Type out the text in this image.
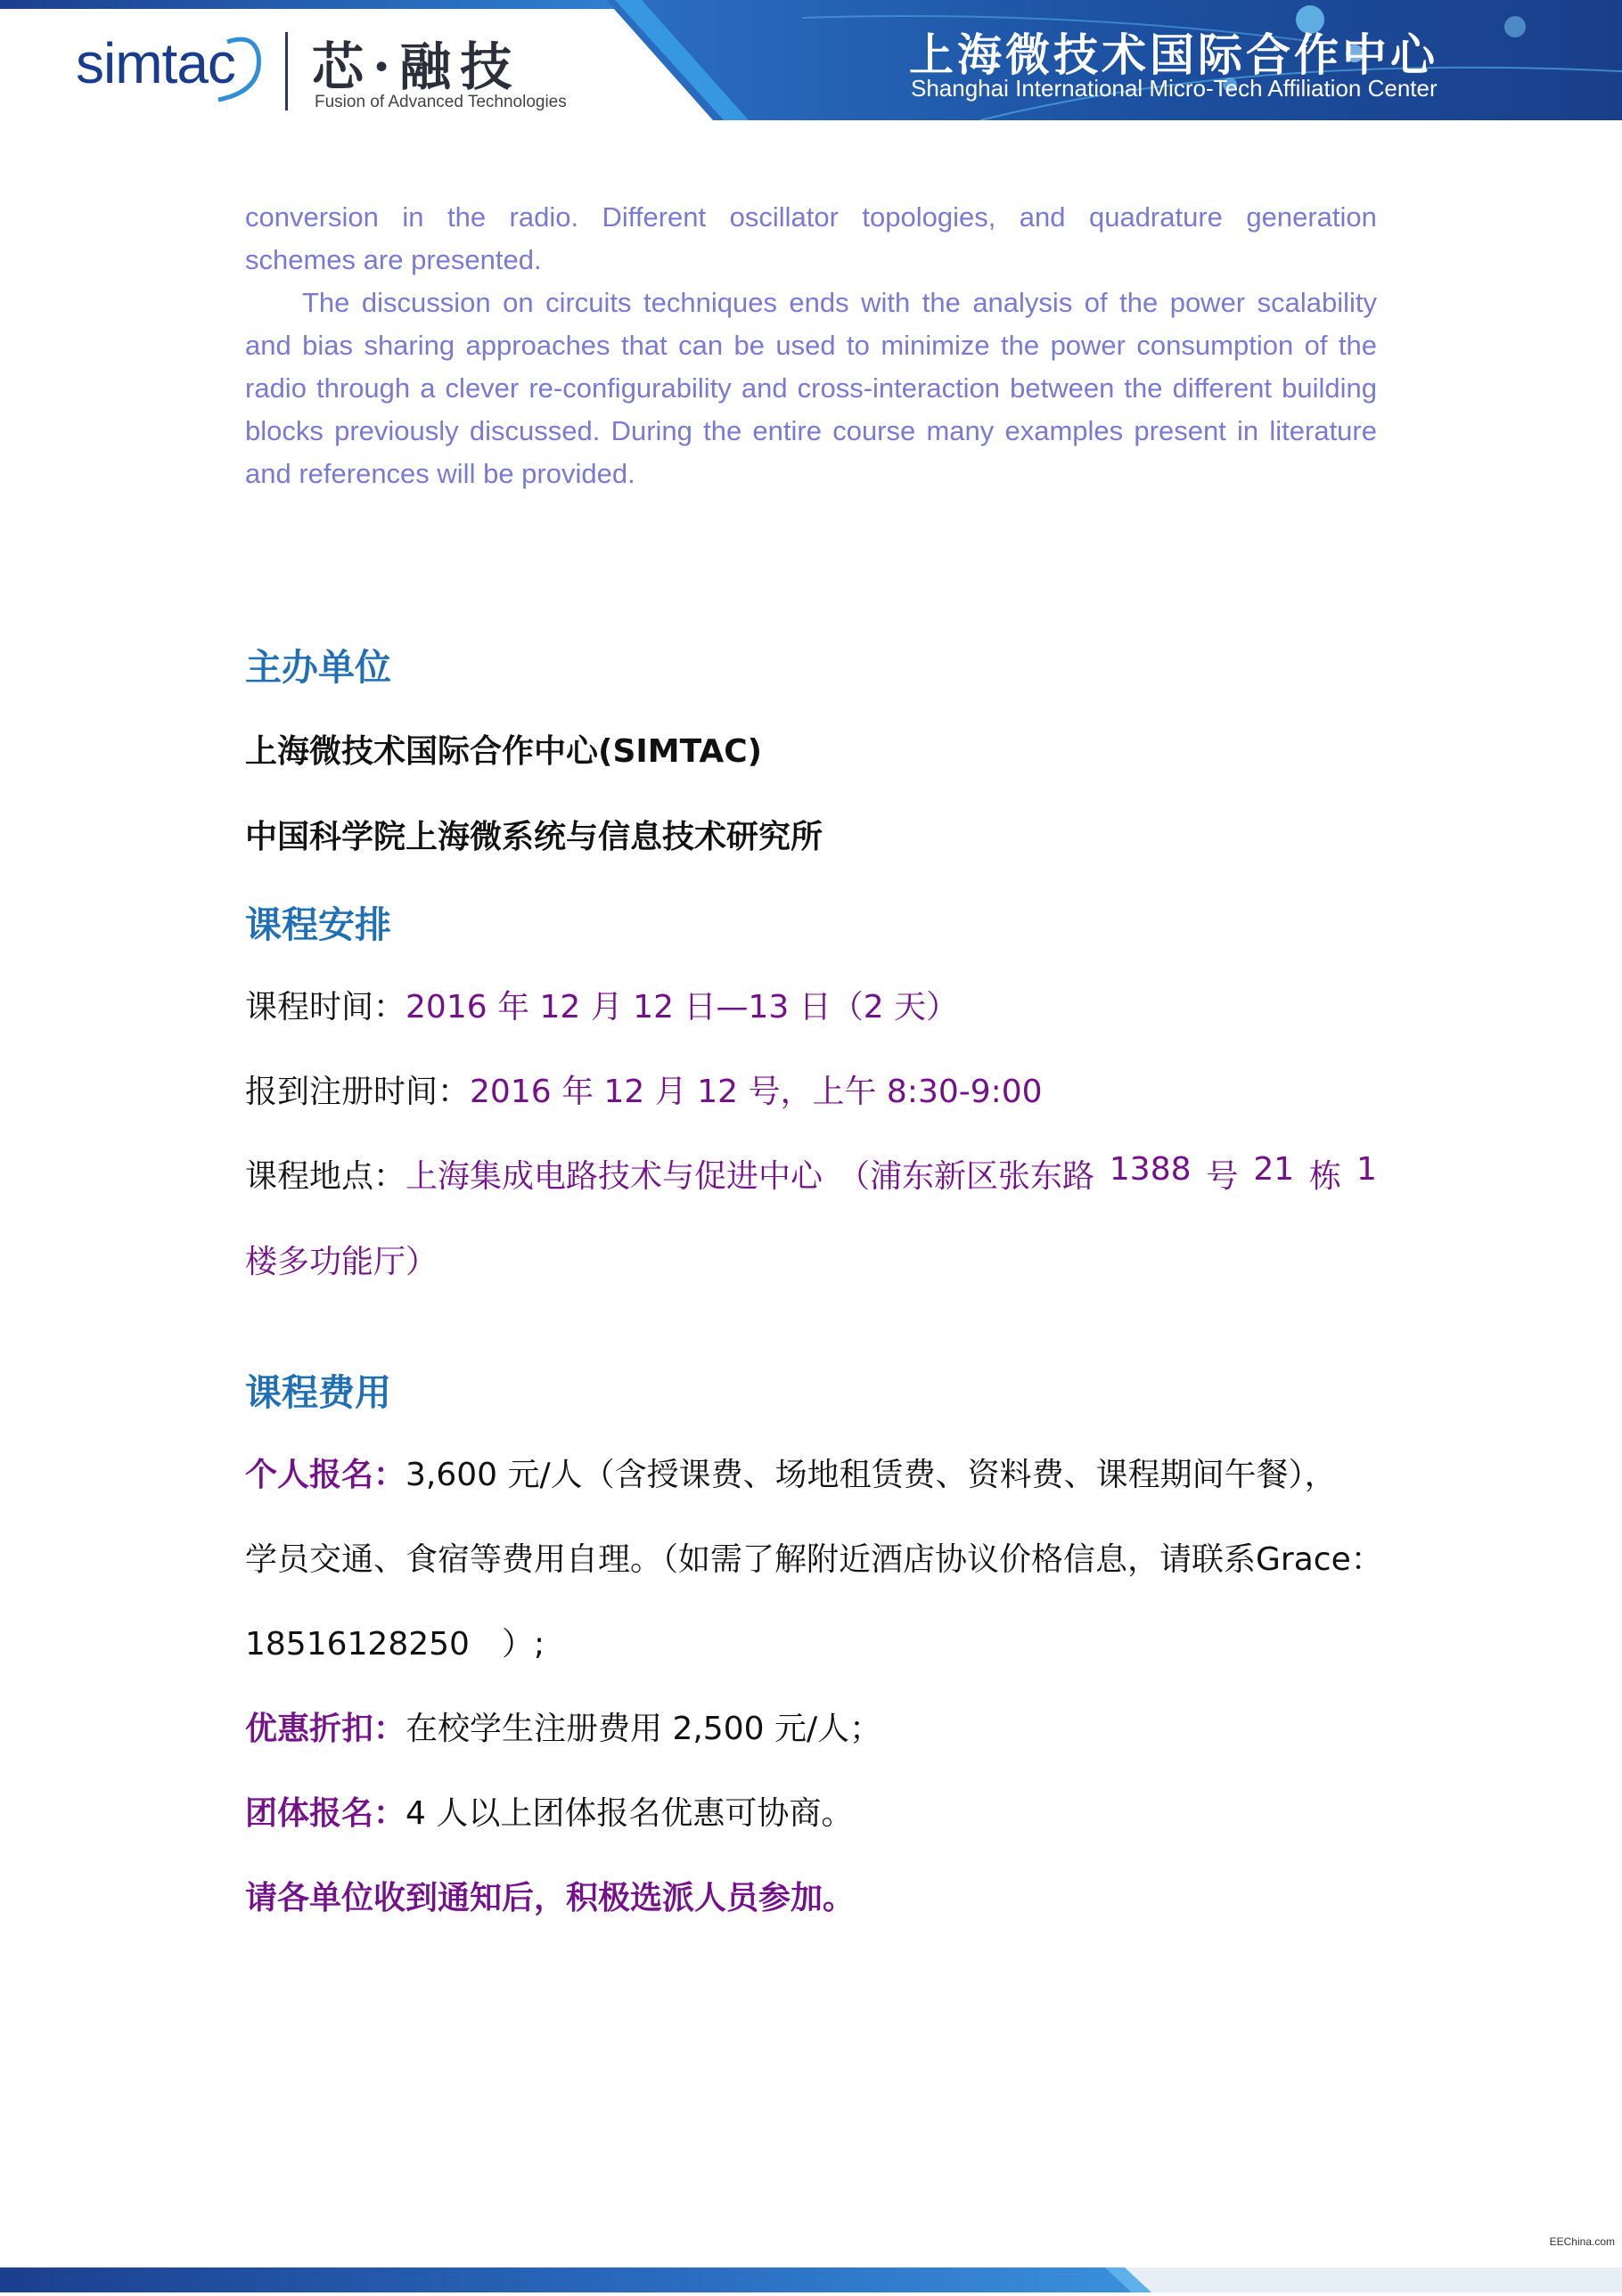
simtac 芯·融技
Fusion of Advanced Technologies
上海微技术国际合作中心
Shanghai International Micro-Tech Affiliation Center
conversion in the radio. Different oscillator topologies, and quadrature generation

schemes are presented.

The discussion on circuits techniques ends with the analysis of the power scalability and bias sharing approaches that can be used to minimize the power consumption of the radio through a clever re-configurability and cross-interaction between the different building blocks previously discussed. During the entire course many examples present in literature and references will be provided.

主办单位

上海微技术国际合作中心(SIMTAC)

中国科学院上海微系统与信息技术研究所

课程安排

课程时间：2016 年 12 月 12 日—13 日（2 天）

报到注册时间：2016 年 12 月 12 号，上午 8:30-9:00

课程地点：上海集成电路技术与促进中心 （浦东新区张东路 1388 号 21 栋 1

楼多功能厅）

课程费用

个人报名：3,600 元/人（含授课费、场地租赁费、资料费、课程期间午餐），

学员交通、食宿等费用自理。（如需了解附近酒店协议价格信息，请联系 Grace：

18516128250　）;

优惠折扣：在校学生注册费用 2,500 元/人；

团体报名：4 人以上团体报名优惠可协商。

请各单位收到通知后，积极选派人员参加。

EEChina.com
